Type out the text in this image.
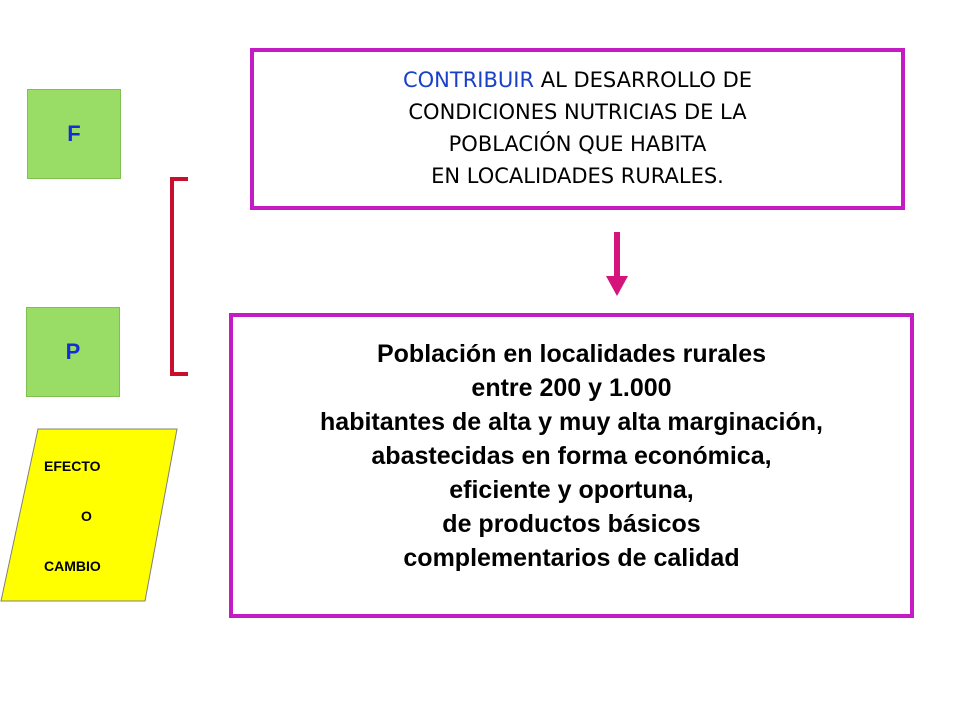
F
P
EFECTO
O
CAMBIO
CONTRIBUIR AL DESARROLLO DE
CONDICIONES NUTRICIAS DE LA
POBLACIÓN QUE HABITA
EN LOCALIDADES RURALES.
Población en localidades rurales
entre 200 y 1.000
habitantes de alta y muy alta marginación,
abastecidas en forma económica,
eficiente y oportuna,
de productos básicos
complementarios de calidad
